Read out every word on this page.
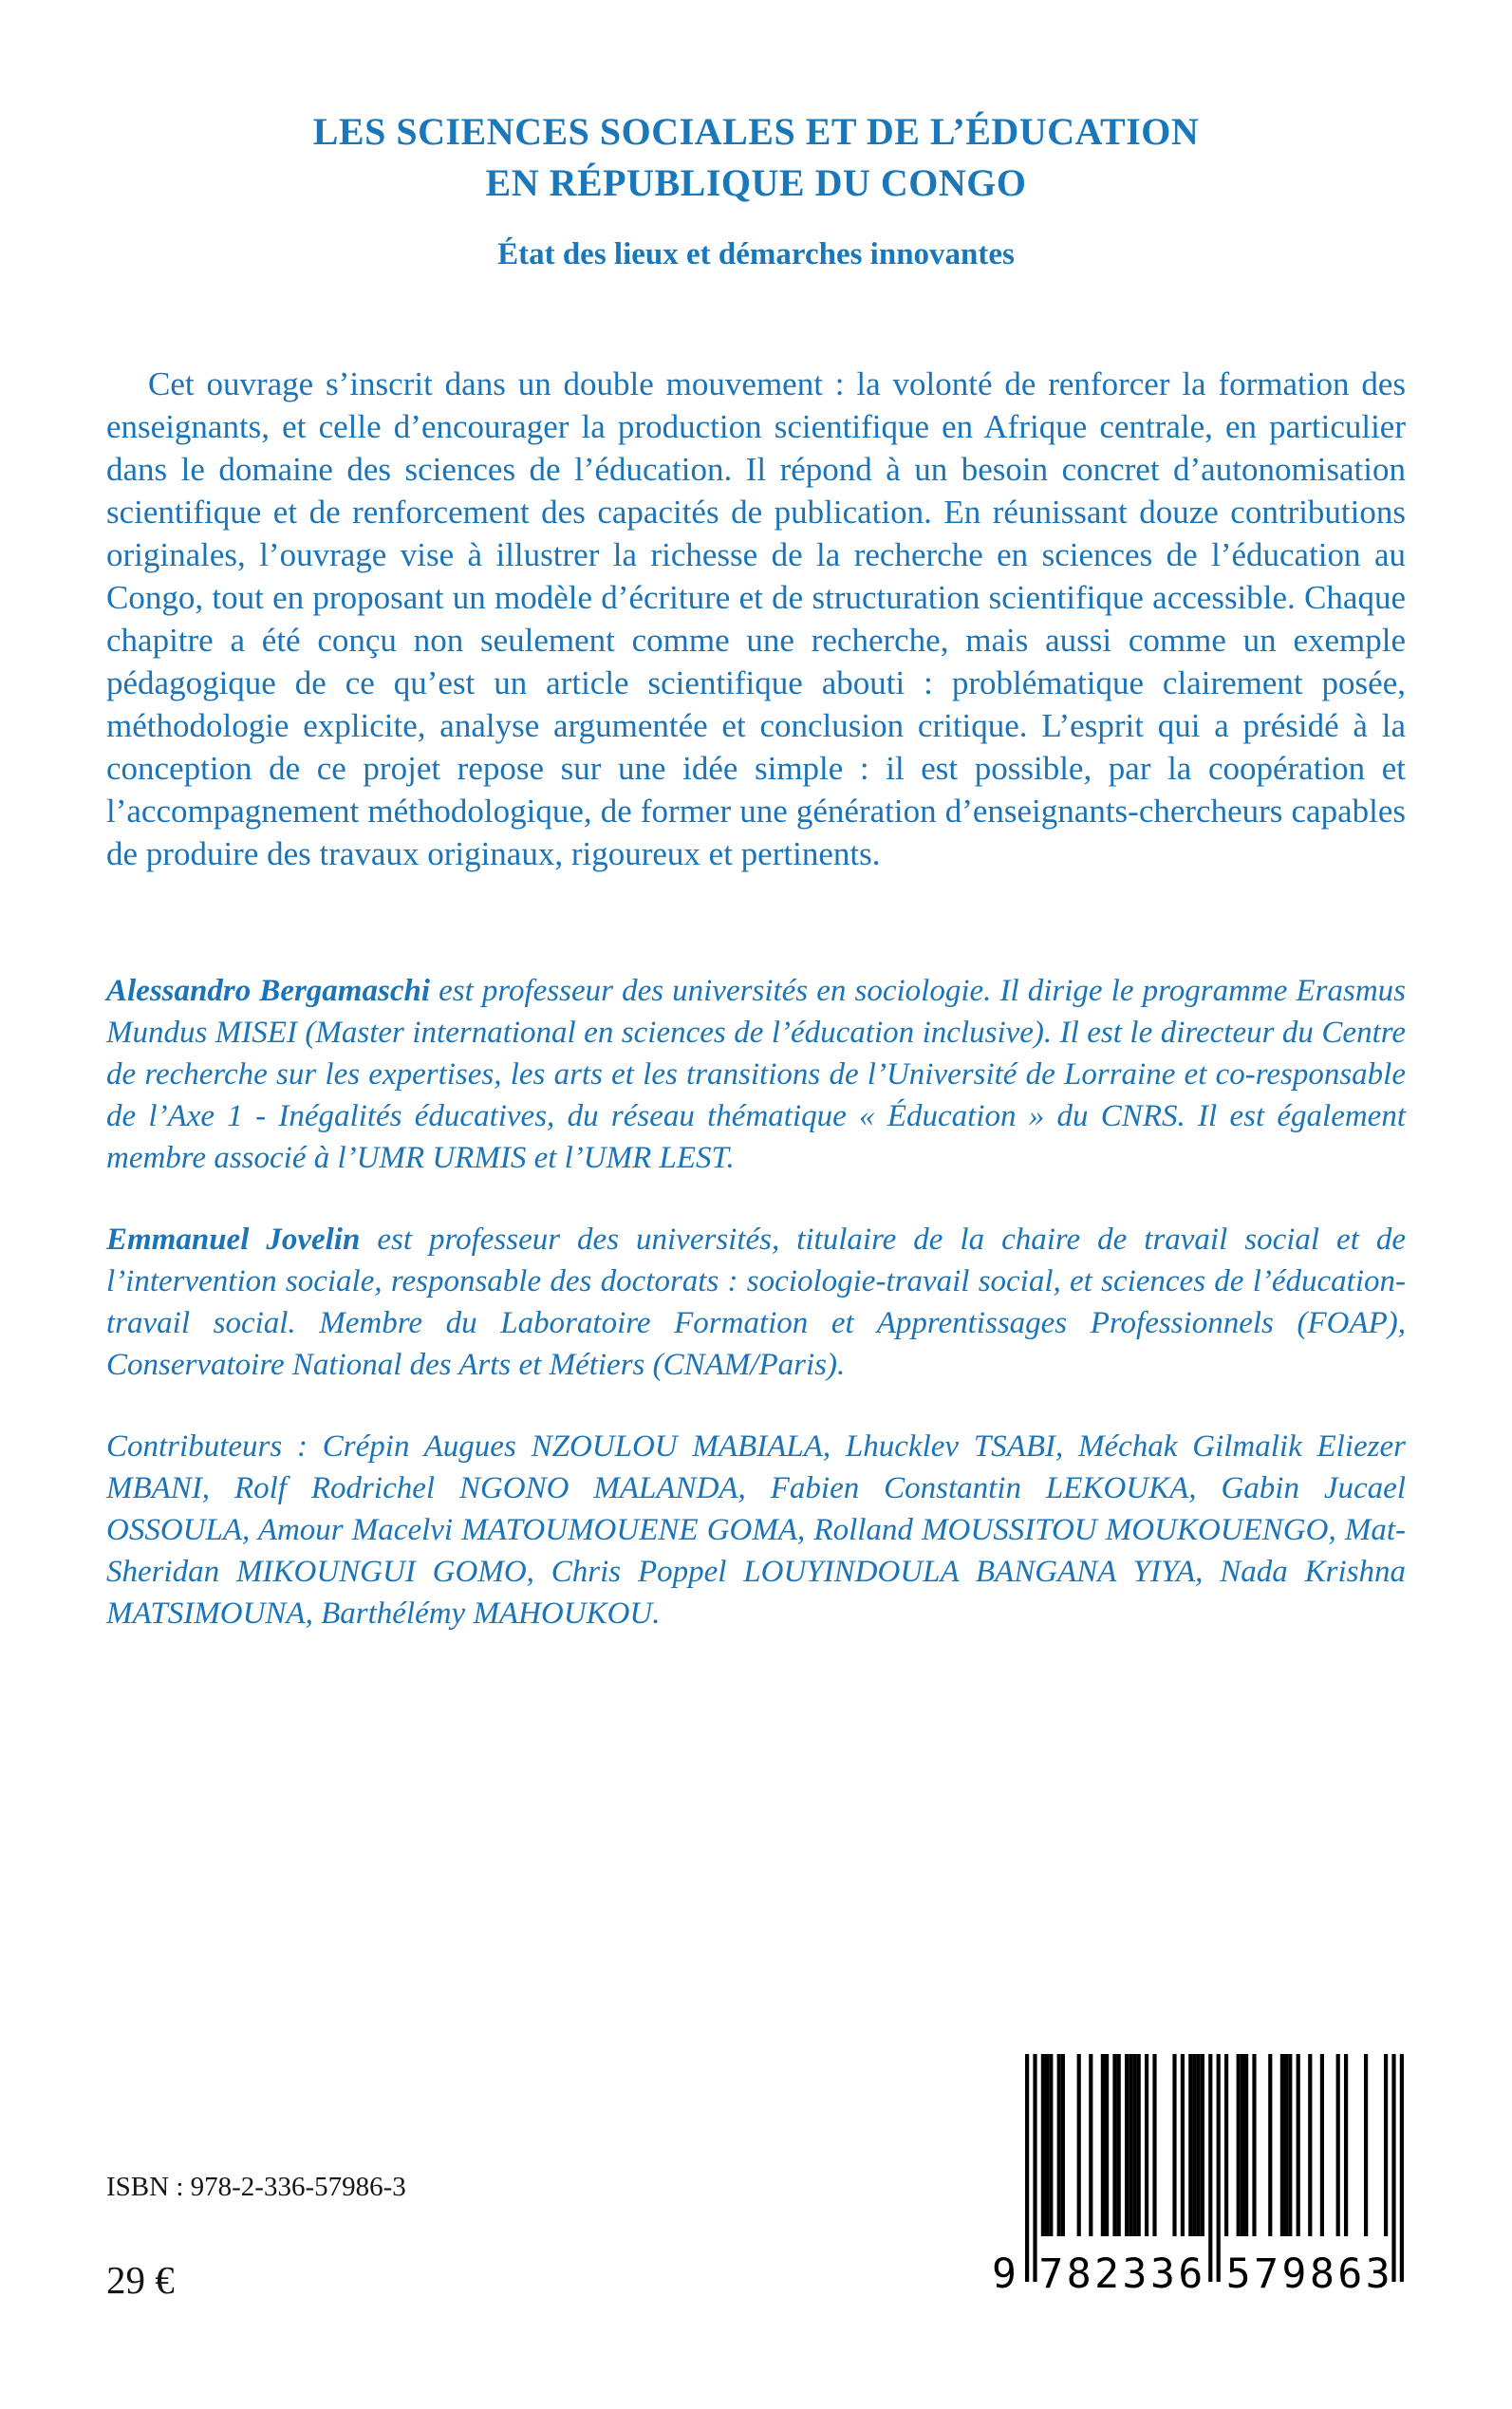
LES SCIENCES SOCIALES ET DE L’ÉDUCATION
EN RÉPUBLIQUE DU CONGO
État des lieux et démarches innovantes

Cet ouvrage s’inscrit dans un double mouvement : la volonté de renforcer la formation des enseignants, et celle d’encourager la production scientifique en Afrique centrale, en particulier dans le domaine des sciences de l’éducation. Il répond à un besoin concret d’autonomisation scientifique et de renforcement des capacités de publication. En réunissant douze contributions originales, l’ouvrage vise à illustrer la richesse de la recherche en sciences de l’éducation au Congo, tout en proposant un modèle d’écriture et de structuration scientifique accessible. Chaque chapitre a été conçu non seulement comme une recherche, mais aussi comme un exemple pédagogique de ce qu’est un article scientifique abouti : problématique clairement posée, méthodologie explicite, analyse argumentée et conclusion critique. L’esprit qui a présidé à la conception de ce projet repose sur une idée simple : il est possible, par la coopération et l’accompagnement méthodologique, de former une génération d’enseignants-chercheurs capables de produire des travaux originaux, rigoureux et pertinents.

Alessandro Bergamaschi est professeur des universités en sociologie. Il dirige le programme Erasmus Mundus MISEI (Master international en sciences de l’éducation inclusive). Il est le directeur du Centre de recherche sur les expertises, les arts et les transitions de l’Université de Lorraine et co-responsable de l’Axe 1 - Inégalités éducatives, du réseau thématique « Éducation » du CNRS. Il est également membre associé à l’UMR URMIS et l’UMR LEST.

Emmanuel Jovelin est professeur des universités, titulaire de la chaire de travail social et de l’intervention sociale, responsable des doctorats : sociologie-travail social, et sciences de l’éducation-travail social. Membre du Laboratoire Formation et Apprentissages Professionnels (FOAP), Conservatoire National des Arts et Métiers (CNAM/Paris).

Contributeurs : Crépin Augues NZOULOU MABIALA, Lhucklev TSABI, Méchak Gilmalik Eliezer MBANI, Rolf Rodrichel NGONO MALANDA, Fabien Constantin LEKOUKA, Gabin Jucael OSSOULA, Amour Macelvi MATOUMOUENE GOMA, Rolland MOUSSITOU MOUKOUENGO, Mat-Sheridan MIKOUNGUI GOMO, Chris Poppel LOUYINDOULA BANGANA YIYA, Nada Krishna MATSIMOUNA, Barthélémy MAHOUKOU.

ISBN : 978-2-336-57986-3
29 €	9 7	5
8	7
2	9
3	8
3	6
6	3
